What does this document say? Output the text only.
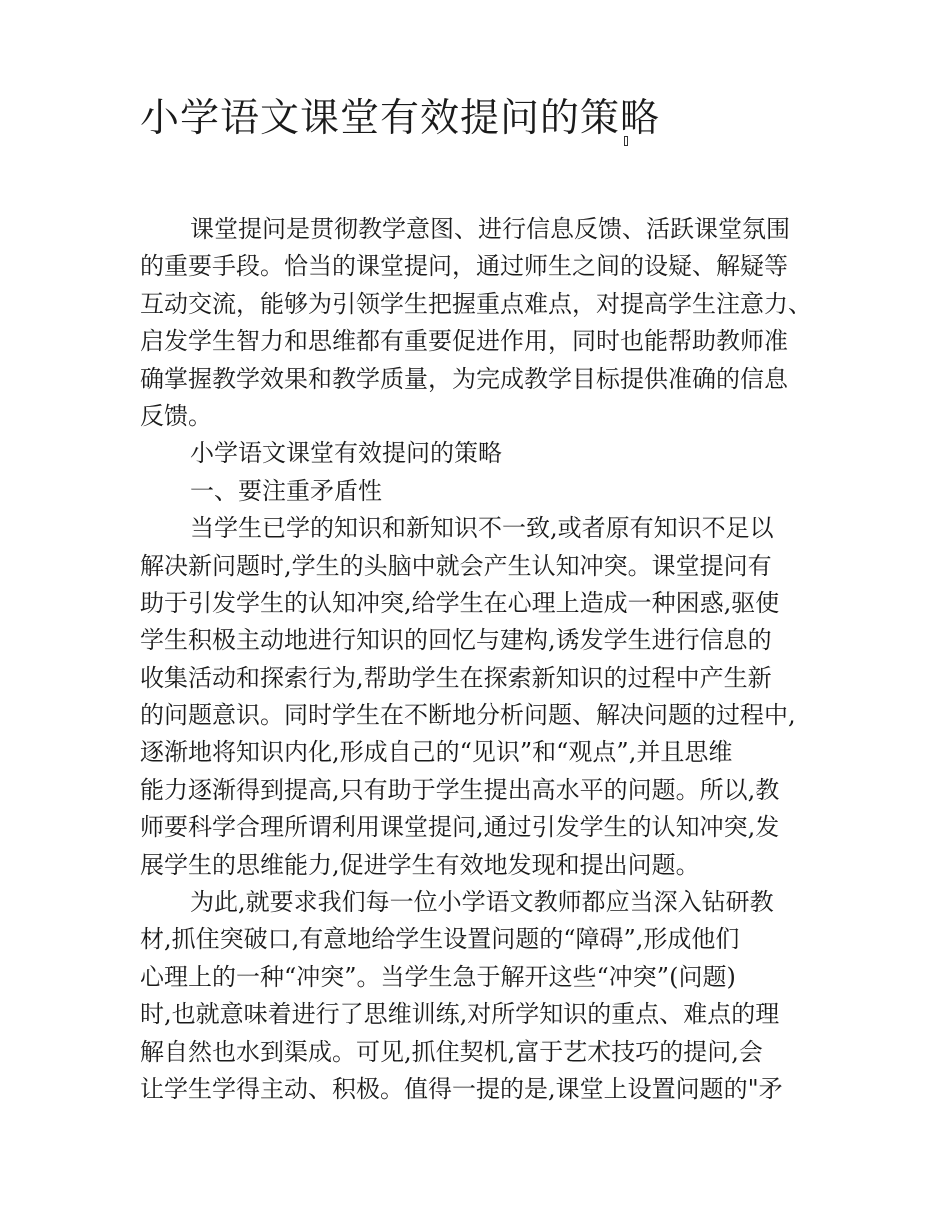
小学语文课堂有效提问的策略
课堂提问是贯彻教学意图、进行信息反馈、活跃课堂氛围
的重要手段。恰当的课堂提问，通过师生之间的设疑、解疑等
互动交流，能够为引领学生把握重点难点，对提高学生注意力、
启发学生智力和思维都有重要促进作用，同时也能帮助教师准
确掌握教学效果和教学质量，为完成教学目标提供准确的信息
反馈。
小学语文课堂有效提问的策略
一、要注重矛盾性
当学生已学的知识和新知识不一致,或者原有知识不足以
解决新问题时,学生的头脑中就会产生认知冲突。课堂提问有
助于引发学生的认知冲突,给学生在心理上造成一种困惑,驱使
学生积极主动地进行知识的回忆与建构,诱发学生进行信息的
收集活动和探索行为,帮助学生在探索新知识的过程中产生新
的问题意识。同时学生在不断地分析问题、解决问题的过程中,
逐渐地将知识内化,形成自己的“见识”和“观点”,并且思维
能力逐渐得到提高,只有助于学生提出高水平的问题。所以,教
师要科学合理所谓利用课堂提问,通过引发学生的认知冲突,发
展学生的思维能力,促进学生有效地发现和提出问题。
为此,就要求我们每一位小学语文教师都应当深入钻研教
材,抓住突破口,有意地给学生设置问题的“障碍”,形成他们
心理上的一种“冲突”。当学生急于解开这些“冲突”(问题)
时,也就意味着进行了思维训练,对所学知识的重点、难点的理
解自然也水到渠成。可见,抓住契机,富于艺术技巧的提问,会
让学生学得主动、积极。值得一提的是,课堂上设置问题的"矛
